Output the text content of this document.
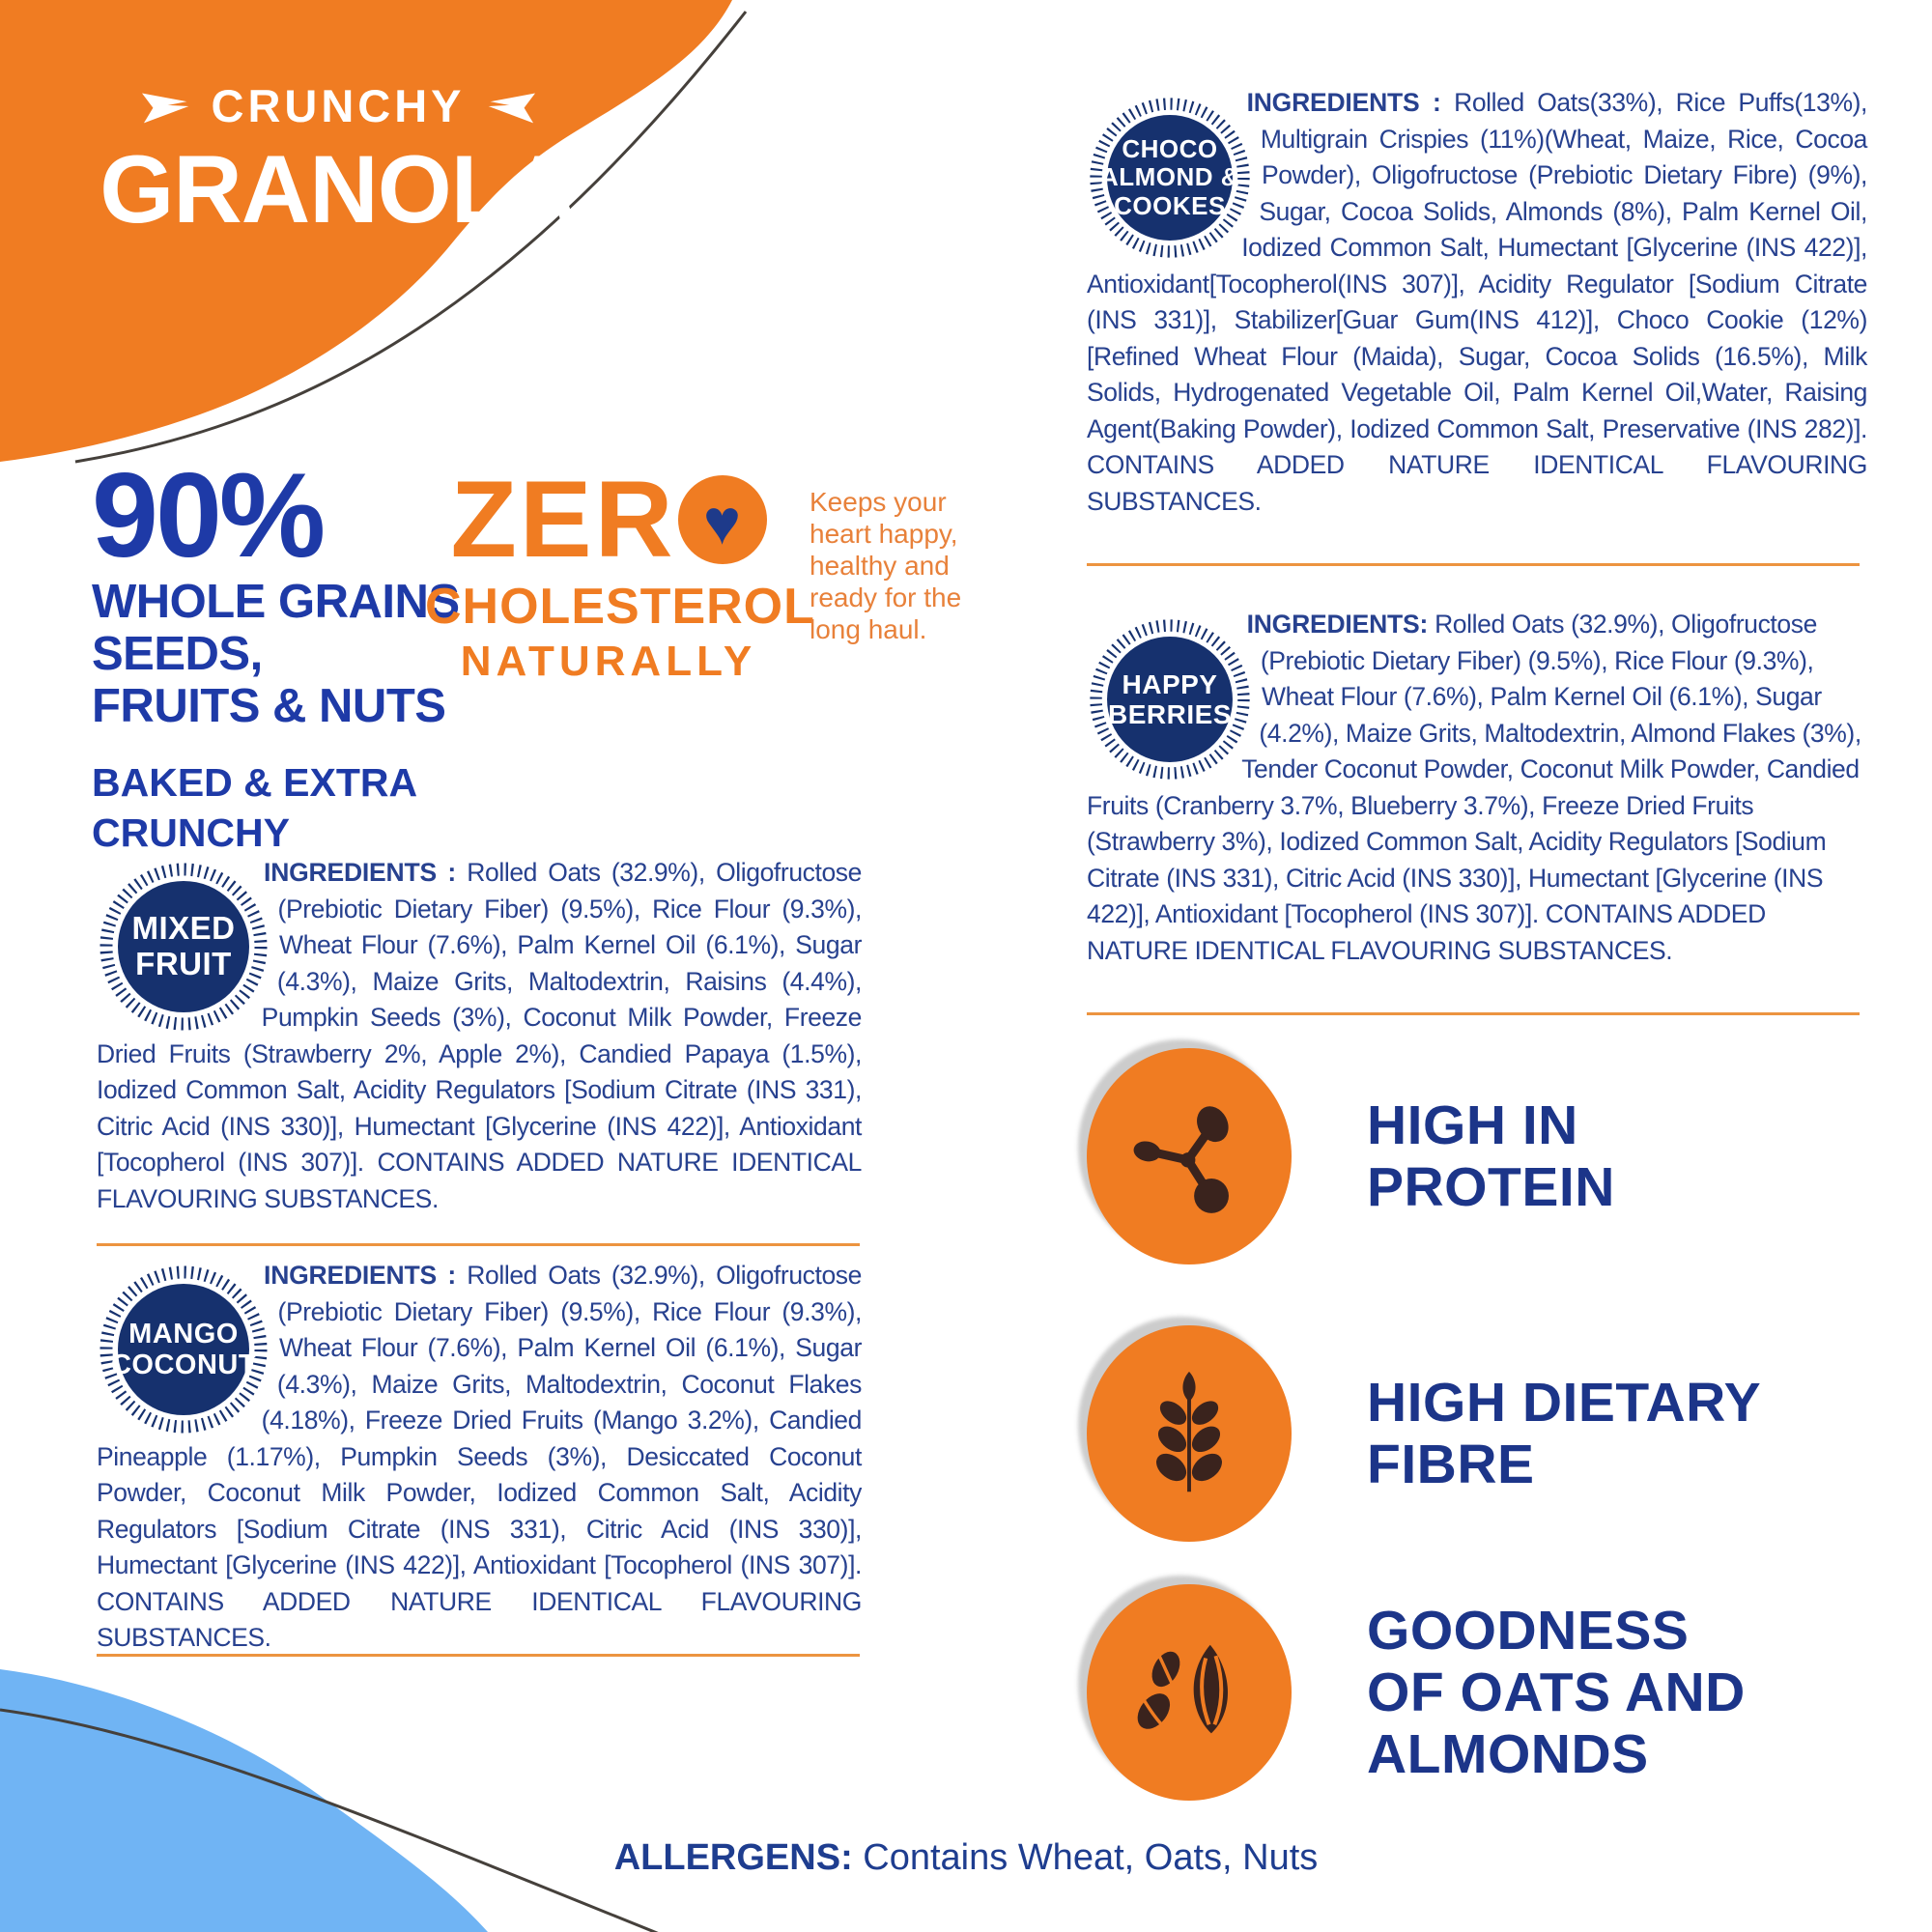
CRUNCHY
GRANOLA
90%
WHOLE GRAINS
SEEDS,
FRUITS & NUTS
BAKED & EXTRA
CRUNCHY
ZER ♥
CHOLESTEROL
NATURALLY
Keeps your heart happy, healthy and ready for the long haul.
MIXED
FRUIT

INGREDIENTS : Rolled Oats (32.9%), Oligofructose (Prebiotic Dietary Fiber) (9.5%), Rice Flour (9.3%), Wheat Flour (7.6%), Palm Kernel Oil (6.1%), Sugar (4.3%), Maize Grits, Maltodextrin, Raisins (4.4%), Pumpkin Seeds (3%), Coconut Milk Powder, Freeze Dried Fruits (Strawberry 2%, Apple 2%), Candied Papaya (1.5%), Iodized Common Salt, Acidity Regulators [Sodium Citrate (INS 331), Citric Acid (INS 330)], Humectant [Glycerine (INS 422)], Antioxidant [Tocopherol (INS 307)]. CONTAINS ADDED NATURE IDENTICAL FLAVOURING SUBSTANCES.

MANGO
COCONUT

INGREDIENTS : Rolled Oats (32.9%), Oligofructose (Prebiotic Dietary Fiber) (9.5%), Rice Flour (9.3%), Wheat Flour (7.6%), Palm Kernel Oil (6.1%), Sugar (4.3%), Maize Grits, Maltodextrin, Coconut Flakes (4.18%), Freeze Dried Fruits (Mango 3.2%), Candied Pineapple (1.17%), Pumpkin Seeds (3%), Desiccated Coconut Powder, Coconut Milk Powder, Iodized Common Salt, Acidity Regulators [Sodium Citrate (INS 331), Citric Acid (INS 330)], Humectant [Glycerine (INS 422)], Antioxidant [Tocopherol (INS 307)]. CONTAINS ADDED NATURE IDENTICAL FLAVOURING SUBSTANCES.

CHOCO
ALMOND &
COOKES

INGREDIENTS : Rolled Oats(33%), Rice Puffs(13%), Multigrain Crispies (11%)(Wheat, Maize, Rice, Cocoa Powder), Oligofructose (Prebiotic Dietary Fibre) (9%), Sugar, Cocoa Solids, Almonds (8%), Palm Kernel Oil, Iodized Common Salt, Humectant [Glycerine (INS 422)], Antioxidant[Tocopherol(INS 307)], Acidity Regulator [Sodium Citrate (INS 331)], Stabilizer[Guar Gum(INS 412)], Choco Cookie (12%)[Refined Wheat Flour (Maida), Sugar, Cocoa Solids (16.5%), Milk Solids, Hydrogenated Vegetable Oil, Palm Kernel Oil,Water, Raising Agent(Baking Powder), Iodized Common Salt, Preservative (INS 282)]. CONTAINS ADDED NATURE IDENTICAL FLAVOURING SUBSTANCES.

HAPPY
BERRIES

INGREDIENTS: Rolled Oats (32.9%), Oligofructose (Prebiotic Dietary Fiber) (9.5%), Rice Flour (9.3%), Wheat Flour (7.6%), Palm Kernel Oil (6.1%), Sugar (4.2%), Maize Grits, Maltodextrin, Almond Flakes (3%), Tender Coconut Powder, Coconut Milk Powder, Candied Fruits (Cranberry 3.7%, Blueberry 3.7%), Freeze Dried Fruits (Strawberry 3%), Iodized Common Salt, Acidity Regulators [Sodium Citrate (INS 331), Citric Acid (INS 330)], Humectant [Glycerine (INS 422)], Antioxidant [Tocopherol (INS 307)]. CONTAINS ADDED NATURE IDENTICAL FLAVOURING SUBSTANCES.

HIGH IN
PROTEIN
HIGH DIETARY
FIBRE
GOODNESS
OF OATS AND
ALMONDS
ALLERGENS: Contains Wheat, Oats, Nuts
